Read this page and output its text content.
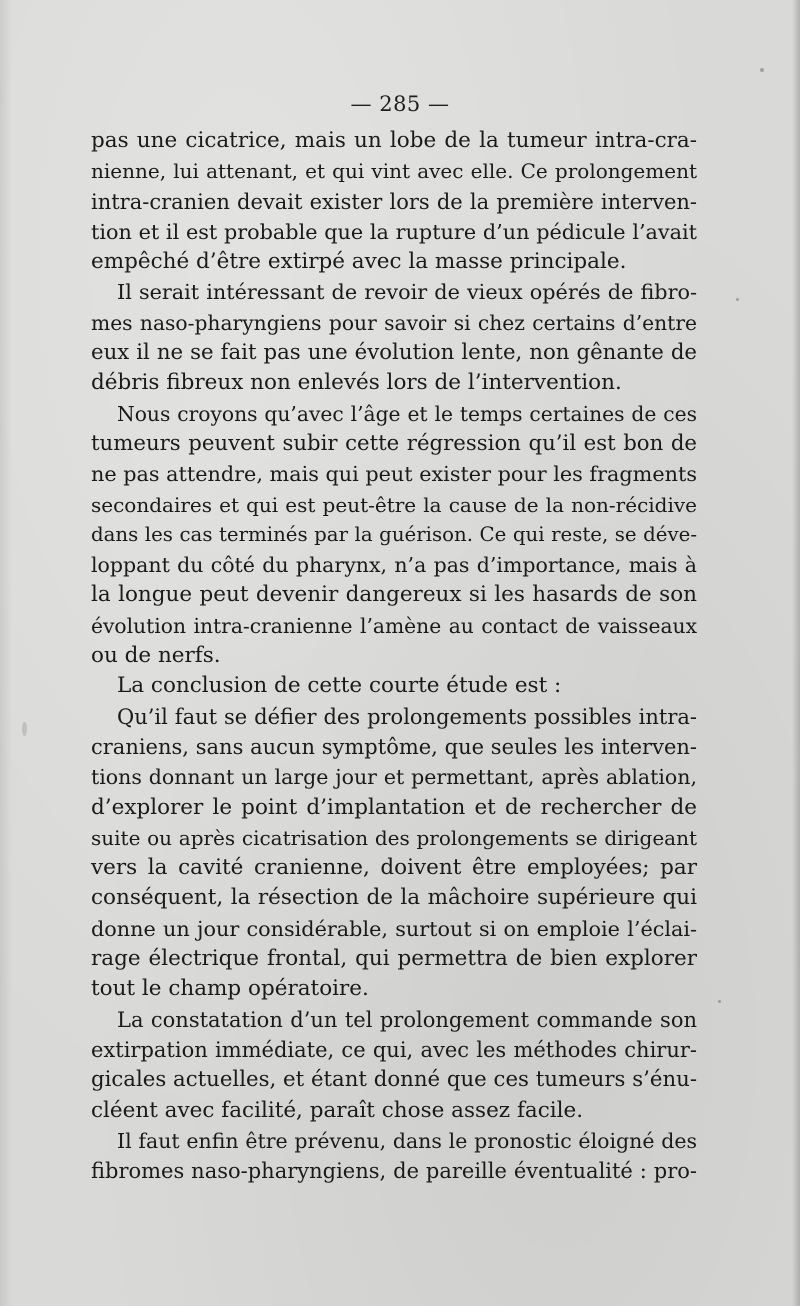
— 285 —
pas une cicatrice, mais un lobe de la tumeur intra-cra-
nienne, lui attenant, et qui vint avec elle. Ce prolongement
intra-cranien devait exister lors de la première interven-
tion et il est probable que la rupture d’un pédicule l’avait
empêché d’être extirpé avec la masse principale.
Il serait intéressant de revoir de vieux opérés de fibro-
mes naso-pharyngiens pour savoir si chez certains d’entre
eux il ne se fait pas une évolution lente, non gênante de
débris fibreux non enlevés lors de l’intervention.
Nous croyons qu’avec l’âge et le temps certaines de ces
tumeurs peuvent subir cette régression qu’il est bon de
ne pas attendre, mais qui peut exister pour les fragments
secondaires et qui est peut-être la cause de la non-récidive
dans les cas terminés par la guérison. Ce qui reste, se déve-
loppant du côté du pharynx, n’a pas d’importance, mais à
la longue peut devenir dangereux si les hasards de son
évolution intra-cranienne l’amène au contact de vaisseaux
ou de nerfs.
La conclusion de cette courte étude est :
Qu’il faut se défier des prolongements possibles intra-
craniens, sans aucun symptôme, que seules les interven-
tions donnant un large jour et permettant, après ablation,
d’explorer le point d’implantation et de rechercher de
suite ou après cicatrisation des prolongements se dirigeant
vers la cavité cranienne, doivent être employées; par
conséquent, la résection de la mâchoire supérieure qui
donne un jour considérable, surtout si on emploie l’éclai-
rage électrique frontal, qui permettra de bien explorer
tout le champ opératoire.
La constatation d’un tel prolongement commande son
extirpation immédiate, ce qui, avec les méthodes chirur-
gicales actuelles, et étant donné que ces tumeurs s’énu-
cléent avec facilité, paraît chose assez facile.
Il faut enfin être prévenu, dans le pronostic éloigné des
fibromes naso-pharyngiens, de pareille éventualité : pro-
